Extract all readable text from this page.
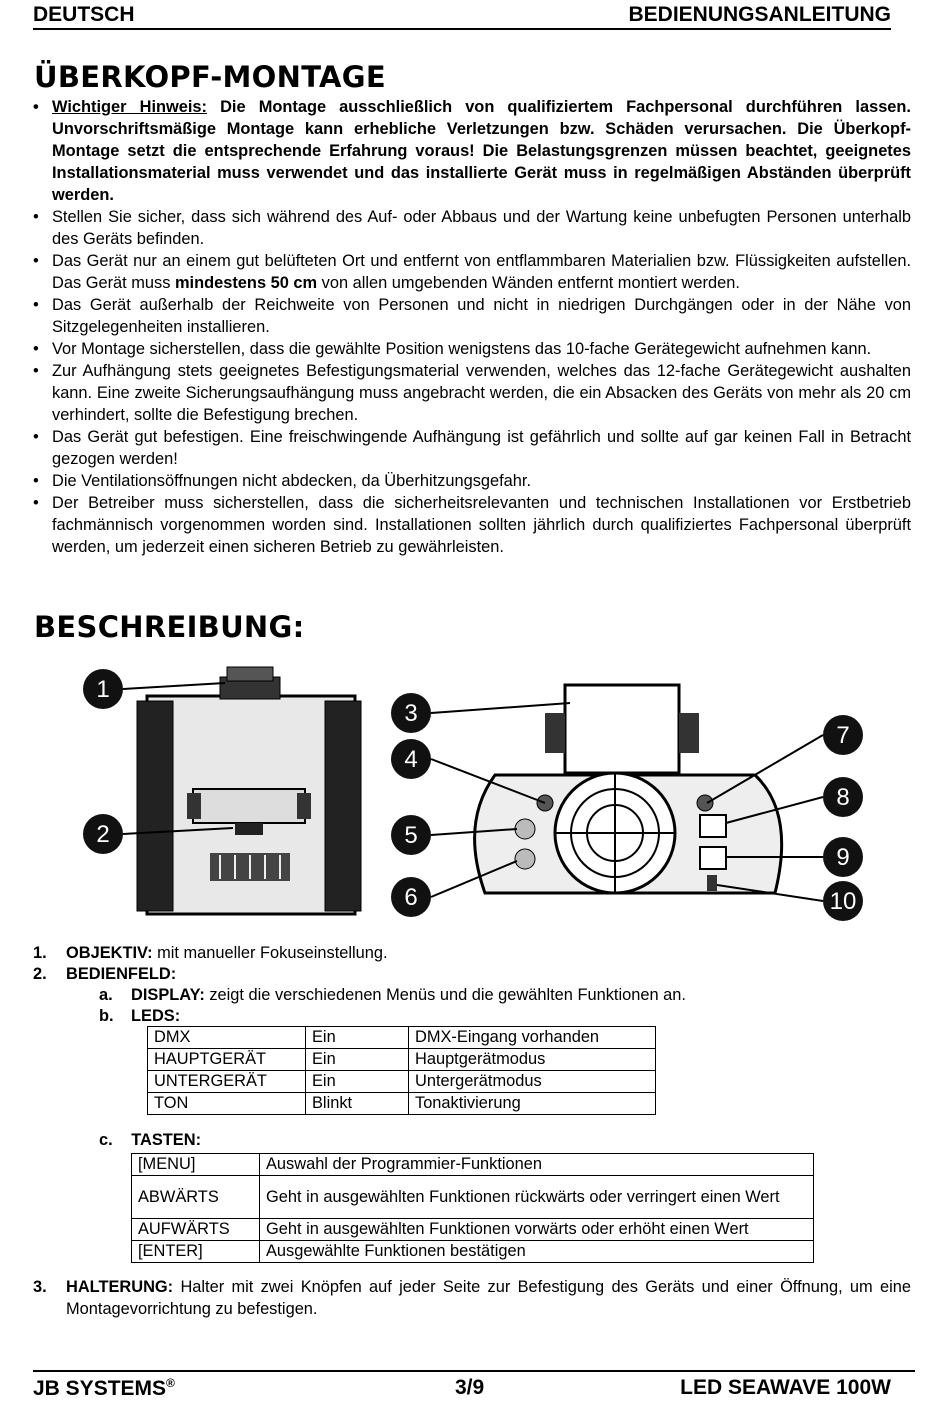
DEUTSCH	BEDIENUNGSANLEITUNG
ÜBERKOPF-MONTAGE
• Wichtiger Hinweis: Die Montage ausschließlich von qualifiziertem Fachpersonal durchführen lassen. Unvorschriftsmäßige Montage kann erhebliche Verletzungen bzw. Schäden verursachen. Die Überkopf-Montage setzt die entsprechende Erfahrung voraus! Die Belastungsgrenzen müssen beachtet, geeignetes Installationsmaterial muss verwendet und das installierte Gerät muss in regelmäßigen Abständen überprüft werden.
• Stellen Sie sicher, dass sich während des Auf- oder Abbaus und der Wartung keine unbefugten Personen unterhalb des Geräts befinden.
• Das Gerät nur an einem gut belüfteten Ort und entfernt von entflammbaren Materialien bzw. Flüssigkeiten aufstellen. Das Gerät muss mindestens 50 cm von allen umgebenden Wänden entfernt montiert werden.
• Das Gerät außerhalb der Reichweite von Personen und nicht in niedrigen Durchgängen oder in der Nähe von Sitzgelegenheiten installieren.
• Vor Montage sicherstellen, dass die gewählte Position wenigstens das 10-fache Gerätegewicht aufnehmen kann.
• Zur Aufhängung stets geeignetes Befestigungsmaterial verwenden, welches das 12-fache Gerätegewicht aushalten kann. Eine zweite Sicherungsaufhängung muss angebracht werden, die ein Absacken des Geräts von mehr als 20 cm verhindert, sollte die Befestigung brechen.
• Das Gerät gut befestigen. Eine freischwingende Aufhängung ist gefährlich und sollte auf gar keinen Fall in Betracht gezogen werden!
• Die Ventilationsöffnungen nicht abdecken, da Überhitzungsgefahr.
• Der Betreiber muss sicherstellen, dass die sicherheitsrelevanten und technischen Installationen vor Erstbetrieb fachmännisch vorgenommen worden sind. Installationen sollten jährlich durch qualifiziertes Fachpersonal überprüft werden, um jederzeit einen sicheren Betrieb zu gewährleisten.
BESCHREIBUNG:
1
2
3
4
5
6
7
8
9
10
1. OBJEKTIV: mit manueller Fokuseinstellung.
2. BEDIENFELD:
a. DISPLAY: zeigt die verschiedenen Menüs und die gewählten Funktionen an.
b. LEDS:
DMX	Ein	DMX-Eingang vorhanden
HAUPTGERÄT	Ein	Hauptgerätmodus
UNTERGERÄT	Ein	Untergerätmodus
TON	Blinkt	Tonaktivierung
c. TASTEN:
[MENU]	Auswahl der Programmier-Funktionen
ABWÄRTS	Geht in ausgewählten Funktionen rückwärts oder verringert einen Wert
AUFWÄRTS	Geht in ausgewählten Funktionen vorwärts oder erhöht einen Wert
[ENTER]	Ausgewählte Funktionen bestätigen
3. HALTERUNG: Halter mit zwei Knöpfen auf jeder Seite zur Befestigung des Geräts und einer Öffnung, um eine Montagevorrichtung zu befestigen.
JB SYSTEMS®	3/9	LED SEAWAVE 100W
